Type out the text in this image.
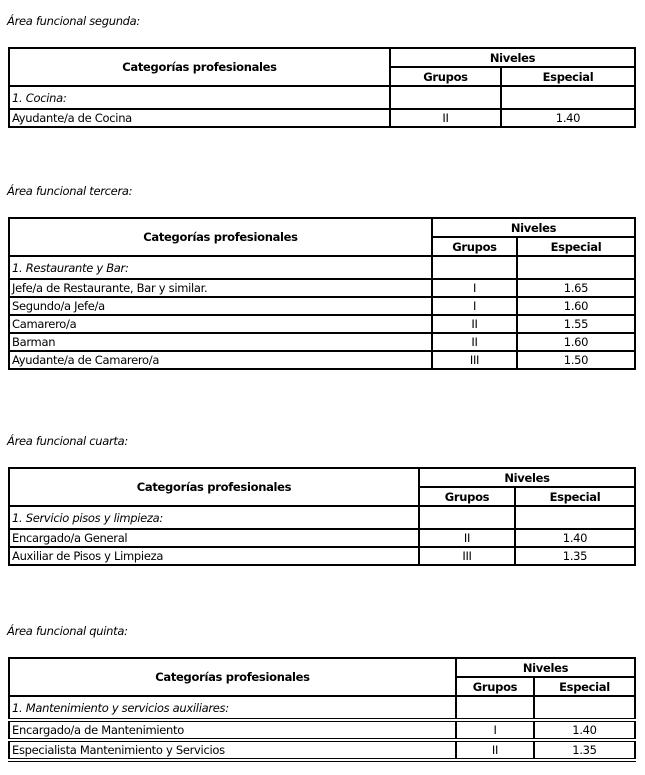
Área funcional segunda:
Categorías profesionales	Niveles	
	Grupos	Especial
1. Cocina:		
Ayudante/a de Cocina	II	1.40
Área funcional tercera:
Categorías profesionales	Niveles	
	Grupos	Especial
1. Restaurante y Bar:		
Jefe/a de Restaurante, Bar y similar.	I	1.65
Segundo/a Jefe/a	I	1.60
Camarero/a	II	1.55
Barman	II	1.60
Ayudante/a de Camarero/a	III	1.50
Área funcional cuarta:
Categorías profesionales	Niveles	
	Grupos	Especial
1. Servicio pisos y limpieza:		
Encargado/a General	II	1.40
Auxiliar de Pisos y Limpieza	III	1.35
Área funcional quinta:
Categorías profesionales	Niveles	
	Grupos	Especial
1. Mantenimiento y servicios auxiliares:		
Encargado/a de Mantenimiento	I	1.40
Especialista Mantenimiento y Servicios	II	1.35
